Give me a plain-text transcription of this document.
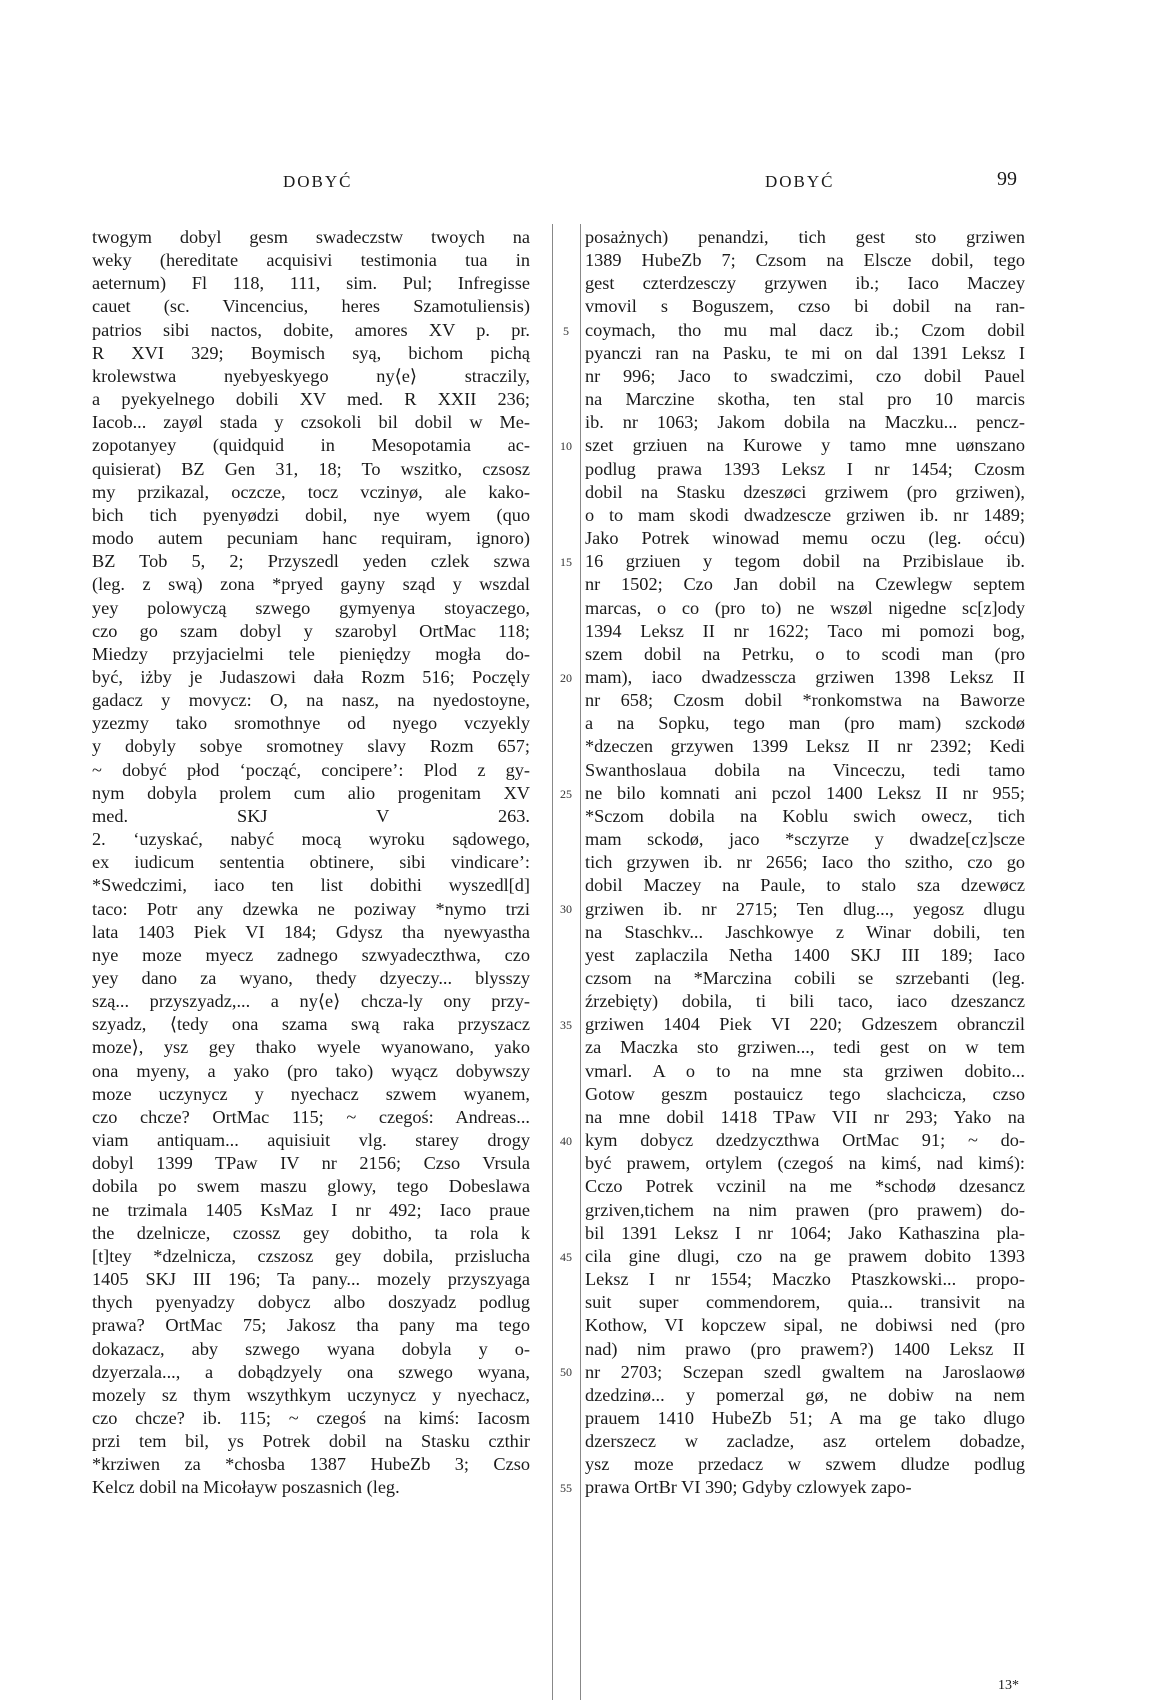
DOBYĆ	DOBYĆ	99
twogym dobyl gesm swadeczstw twoych na
weky (hereditate acquisivi testimonia tua in
aeternum) Fl 118, 111, sim. Pul; Infregisse
cauet (sc. Vincencius, heres Szamotuliensis)
patrios sibi nactos, dobite, amores XV p. pr.
R XVI 329; Boymisch syą, bichom pichą
krolewstwa nyebyeskyego ny⟨e⟩ straczily,
a pyekyelnego dobili XV med. R XXII 236;
Iacob... zayøl stada y czsokoli bil dobil w Me-
zopotanyey (quidquid in Mesopotamia ac-
quisierat) BZ Gen 31, 18; To wszitko, czsosz
my przikazal, oczcze, tocz vczinyø, ale kako-
bich tich pyenyødzi dobil, nye wyem (quo
modo autem pecuniam hanc requiram, ignoro)
BZ Tob 5, 2; Przyszedl yeden czlek szwa
(leg. z swą) zona *pryed gayny sząd y wszdal
yey polowyczą szwego gymyenya stoyaczego,
czo go szam dobyl y szarobyl OrtMac 118;
Miedzy przyjacielmi tele pienięd​zy mogła do-
być, iżby je Judaszowi dała Rozm 516; Poczęly
gadacz y movycz: O, na nasz, na nyedostoyne,
yzezmy tako sromothnye od nyego vczyekly
y dobyly sobye sromotney slavy Rozm 657;
~ dobyć płod ʻpocząć, concipereʼ: Plod z gy-
nym dobyla prolem cum alio progenitam XV
med. SKJ V 263.
2. ʻuzyskać, nabyć mocą wyroku sądowego,
ex iudicum sententia obtinere, sibi vindicareʼ:
*Swedczimi, iaco ten list dobithi wyszedl[d]
taco: Potr any dzewka ne poziway *nymo trzi
lata 1403 Piek VI 184; Gdysz tha nyewyastha
nye moze myecz zadnego szwyadeczthwa, czo
yey dano za wyano, thedy dzyeczy... blysszy
szą... przyszyadz,... a ny⟨e⟩ chcza-ly ony przy-
szyadz, ⟨tedy ona szama swą raka przyszacz
moze⟩, ysz gey thako wyele wyanowano, yako
ona myeny, a yako (pro tako) wyącz dobywszy
moze uczynycz y nyechacz szwem wyanem,
czo chcze? OrtMac 115; ~ czegoś: Andreas...
viam antiquam... aquisiuit vlg. starey drogy
dobyl 1399 TPaw IV nr 2156; Czso Vrsula
dobila po swem maszu glowy, tego Dobeslawa
ne trzimala 1405 KsMaz I nr 492; Iaco praue
the dzelnicze, czossz gey dobitho, ta rola k
[t]tey *dzelnicza, czszosz gey dobila, przislucha
1405 SKJ III 196; Ta pany... mozely przyszyaga
thych pyenyadzy dobycz albo doszyadz podlug
prawa? OrtMac 75; Jakosz tha pany ma tego
dokazacz, aby szwego wyana dobyla y o-
dzyerzala..., a dobądzyely ona szwego wyana,
mozely sz thym wszythkym uczynycz y nyechacz,
czo chcze? ib. 115; ~ czegoś na kimś: Iacosm
przi tem bil, ys Potrek dobil na Stasku czthir
*krziwen za *chosba 1387 HubeZb 3; Czso
Kelcz dobil na Micołayw poszasnich (leg.
posażnych) penandzi, tich gest sto grziwen
1389 HubeZb 7; Czsom na Elscze dobil, tego
gest czterdzesczy grzywen ib.; Iaco Maczey
vmovil s Boguszem, czso bi dobil na ran-
coymach, tho mu mal dacz ib.; Czom dobil
pyanczi ran na Pasku, te mi on dal 1391 Leksz I
nr 996; Jaco to swadczimi, czo dobil Pauel
na Marczine skotha, ten stal pro 10 marcis
ib. nr 1063; Jakom dobila na Maczku... pencz-
szet grziuen na Kurowe y tamo mne uønszano
podlug prawa 1393 Leksz I nr 1454; Czosm
dobil na Stasku dzeszøci grziwem (pro grziwen),
o to mam skodi dwadzescze grziwen ib. nr 1489;
Jako Potrek winowad memu oczu (leg. oćcu)
16 grziuen y tegom dobil na Przibislaue ib.
nr 1502; Czo Jan dobil na Czewlegw septem
marcas, o co (pro to) ne wszøl nigedne sc[z]ody
1394 Leksz II nr 1622; Taco mi pomozi bog,
szem dobil na Petrku, o to scodi man (pro
mam), iaco dwadzesscza grziwen 1398 Leksz II
nr 658; Czosm dobil *ronkomstwa na Baworze
a na Sopku, tego man (pro mam) szckodø
*dzeczen grzywen 1399 Leksz II nr 2392; Kedi
Swanthoslaua dobila na Vinceczu, tedi tamo
ne bilo komnati ani pczol 1400 Leksz II nr 955;
*Sczom dobila na Koblu swich owecz, tich
mam sckodø, jaco *sczyrze y dwadze[cz]scze
tich grzywen ib. nr 2656; Iaco tho szitho, czo go
dobil Maczey na Paule, to stalo sza dzewøcz
grziwen ib. nr 2715; Ten dlug..., yegosz dlugu
na Staschkv... Jaschkowye z Winar dobili, ten
yest zaplaczila Netha 1400 SKJ III 189; Iaco
czsom na *Marczina cobili se szrzebanti (leg.
źrzebięty) dobila, ti bili taco, iaco dzeszancz
grziwen 1404 Piek VI 220; Gdzeszem obranczil
za Maczka sto grziwen..., tedi gest on w tem
vmarl. A o to na mne sta grziwen dobito...
Gotow geszm postauicz tego slachcicza, czso
na mne dobil 1418 TPaw VII nr 293; Yako na
kym dobycz dzedzyczthwa OrtMac 91; ~ do-
być prawem, ortylem (czegoś na kimś, nad kimś):
Cczo Potrek vczinil na me *schodø dzesancz
grziven,tichem na nim prawen (pro prawem) do-
bil 1391 Leksz I nr 1064; Jako Kathaszina pla-
cila gine dlugi, czo na ge prawem dobito 1393
Leksz I nr 1554; Maczko Ptaszkowski... propo-
suit super commendorem, quia... transivit na
Kothow, VI kopczew sipal, ne dobiwsi ned (pro
nad) nim prawo (pro prawem?) 1400 Leksz II
nr 2703; Sczepan szedl gwaltem na Jaroslaowø
dzedzinø... y pomerzal gø, ne dobiw na nem
prauem 1410 HubeZb 51; A ma ge tako dlugo
dzerszecz w zacladze, asz ortelem dobadze,
ysz moze przedacz w szwem dludze podlug
prawa OrtBr VI 390; Gdyby czlowyek zapo-
5
10
15
20
25
30
35
40
45
50
55
13*
